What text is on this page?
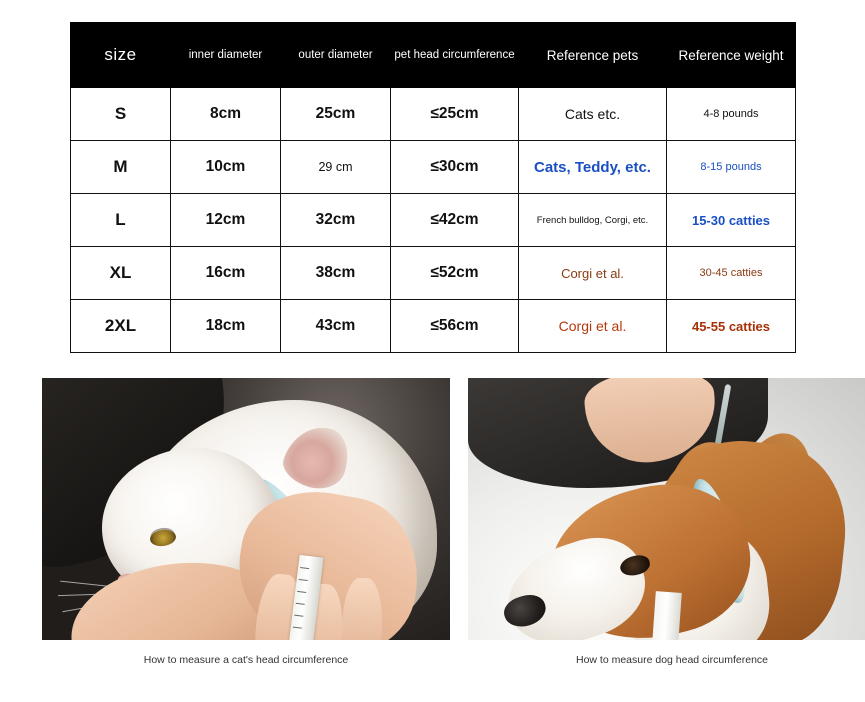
size	inner diameter	outer diameter	pet head circumference	Reference pets	Reference weight
S	8cm	25cm	≤25cm	Cats etc.	4-8 pounds
M	10cm	29 cm	≤30cm	Cats, Teddy, etc.	8-15 pounds
L	12cm	32cm	≤42cm	French bulldog, Corgi, etc.	15-30 catties
XL	16cm	38cm	≤52cm	Corgi et al.	30-45 catties
2XL	18cm	43cm	≤56cm	Corgi et al.	45-55 catties
How to measure a cat's head circumference	How to measure dog head circumference
